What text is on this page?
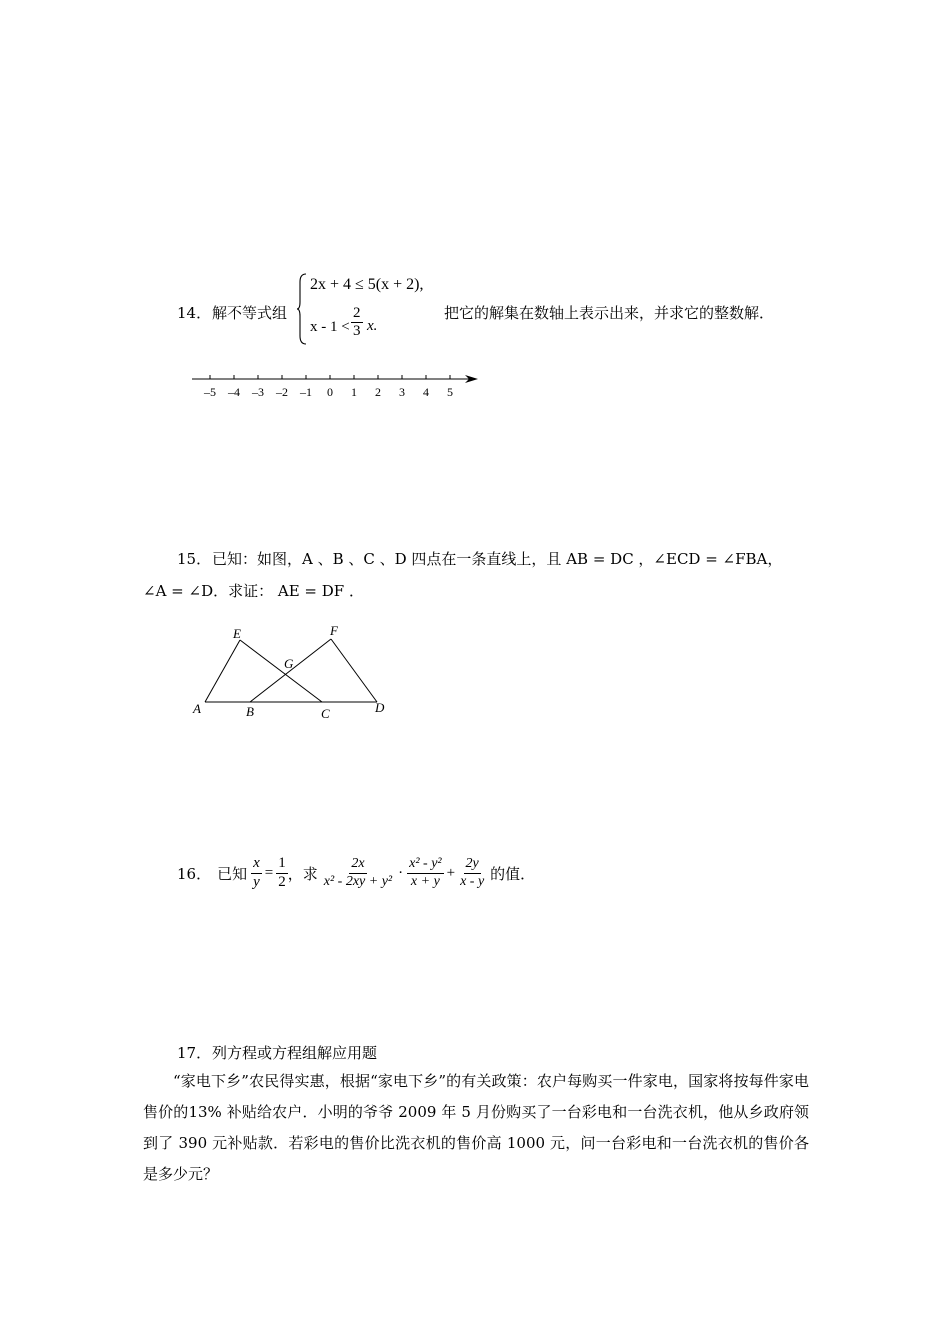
14． 解不等式组
2x + 4 ≤ 5(x + 2),
$x - 1 < \frac{2}{3} x$.
把它的解集在数轴上表示出来，并求它的整数解．
–5 –4 –3 –2 –1 0 1 2 3 4 5
15． 已知：如图，A 、B 、C 、D 四点在一条直线上，且 AB = DC ，∠ECD = ∠FBA，
∠A = ∠D．求证： AE = DF ．
E	F
G
A	B	C	D
16． 已知 $\frac{x}{y} = \frac{1}{2}$ ，求 $\frac{2x}{\text{x² - 2xy + y²}} \cdot \frac{\text{x² - y²}}{x + y} + \frac{2y}{x - y}$ 的值．
17． 列方程或方程组解应用题
“家电下乡”农民得实惠，根据“家电下乡”的有关政策：农户每购买一件家电，国家将按每件家电售价的13% 补贴给农户．小明的爷爷 2009 年 5 月份购买了一台彩电和一台洗衣机，他从乡政府领到了 390 元补贴款．若彩电的售价比洗衣机的售价高 1000 元，问一台彩电和一台洗衣机的售价各是多少元？
